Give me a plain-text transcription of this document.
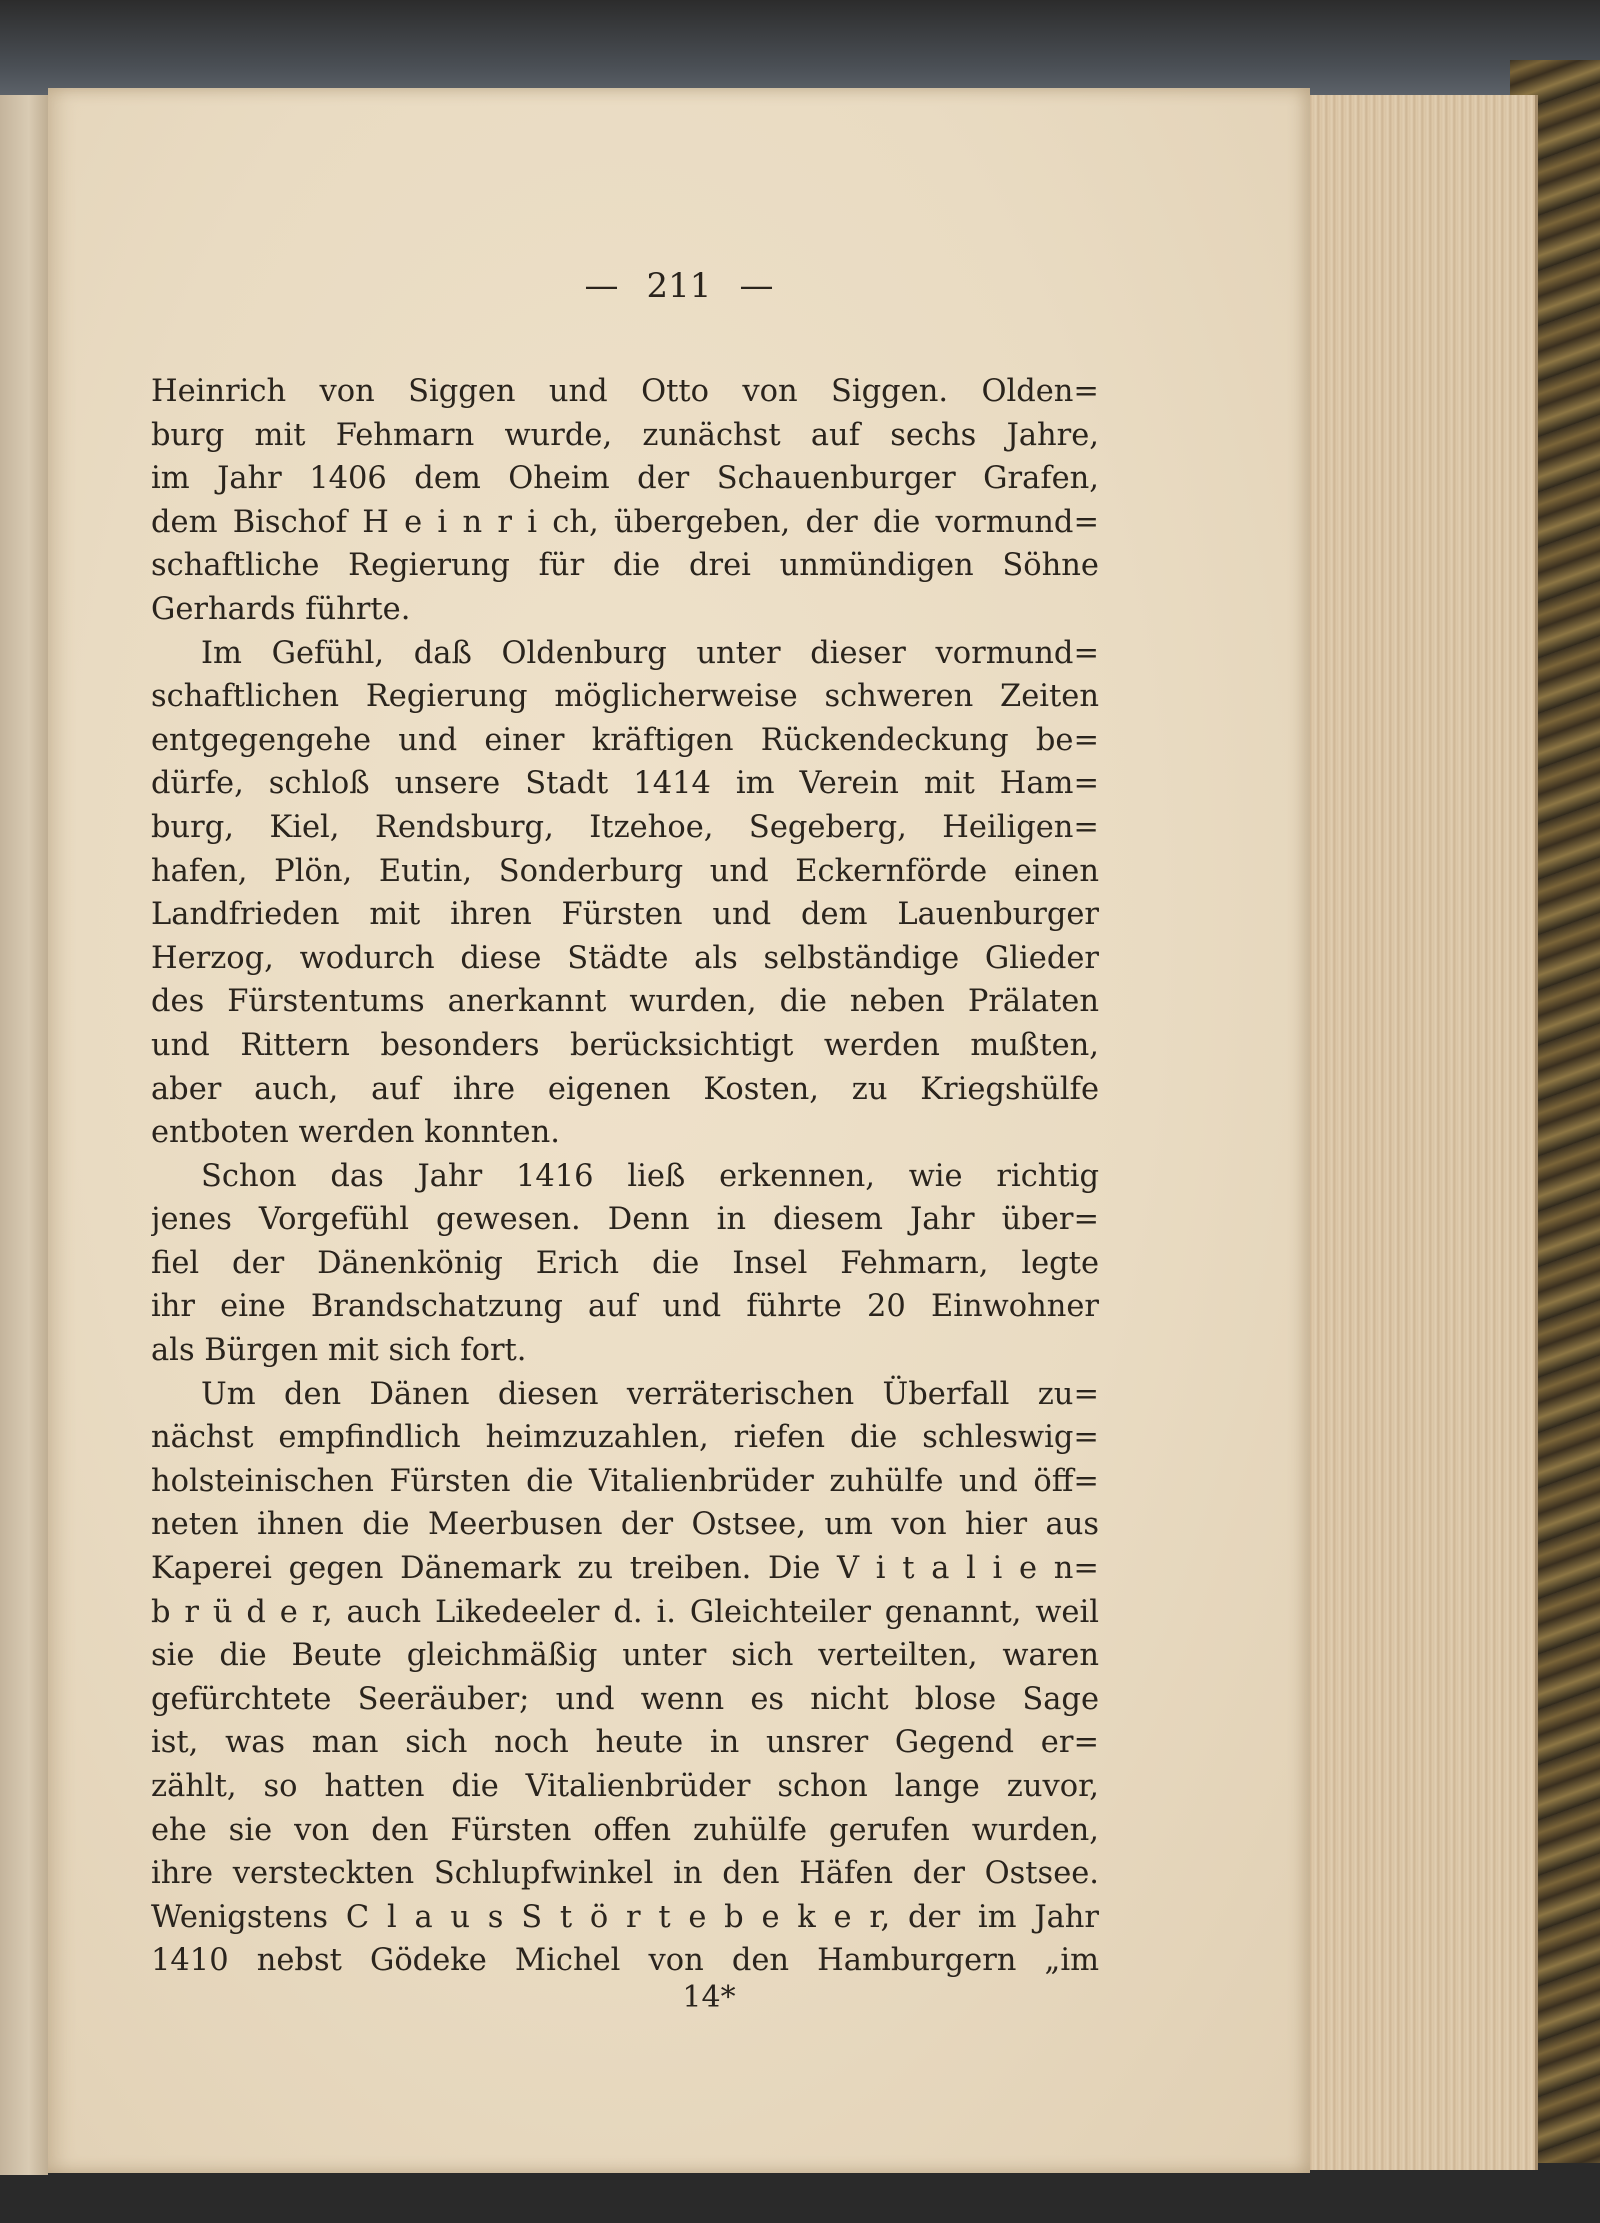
— 211 —
Heinrich von Siggen und Otto von Siggen. Olden=
burg mit Fehmarn wurde, zunächst auf sechs Jahre,
im Jahr 1406 dem Oheim der Schauenburger Grafen,
dem Bischof H e i n r i ch, übergeben, der die vormund=
schaftliche Regierung für die drei unmündigen Söhne
Gerhards führte.
Im Gefühl, daß Oldenburg unter dieser vormund=
schaftlichen Regierung möglicherweise schweren Zeiten
entgegengehe und einer kräftigen Rückendeckung be=
dürfe, schloß unsere Stadt 1414 im Verein mit Ham=
burg, Kiel, Rendsburg, Itzehoe, Segeberg, Heiligen=
hafen, Plön, Eutin, Sonderburg und Eckernförde einen
Landfrieden mit ihren Fürsten und dem Lauenburger
Herzog, wodurch diese Städte als selbständige Glieder
des Fürstentums anerkannt wurden, die neben Prälaten
und Rittern besonders berücksichtigt werden mußten,
aber auch, auf ihre eigenen Kosten, zu Kriegshülfe
entboten werden konnten.
Schon das Jahr 1416 ließ erkennen, wie richtig
jenes Vorgefühl gewesen. Denn in diesem Jahr über=
fiel der Dänenkönig Erich die Insel Fehmarn, legte
ihr eine Brandschatzung auf und führte 20 Einwohner
als Bürgen mit sich fort.
Um den Dänen diesen verräterischen Überfall zu=
nächst empfindlich heimzuzahlen, riefen die schleswig=
holsteinischen Fürsten die Vitalienbrüder zuhülfe und öff=
neten ihnen die Meerbusen der Ostsee, um von hier aus
Kaperei gegen Dänemark zu treiben. Die V i t a l i e n=
b r ü d e r, auch Likedeeler d. i. Gleichteiler genannt, weil
sie die Beute gleichmäßig unter sich verteilten, waren
gefürchtete Seeräuber; und wenn es nicht blose Sage
ist, was man sich noch heute in unsrer Gegend er=
zählt, so hatten die Vitalienbrüder schon lange zuvor,
ehe sie von den Fürsten offen zuhülfe gerufen wurden,
ihre versteckten Schlupfwinkel in den Häfen der Ostsee.
Wenigstens C l a u s S t ö r t e b e k e r, der im Jahr
1410 nebst Gödeke Michel von den Hamburgern „im
14*
